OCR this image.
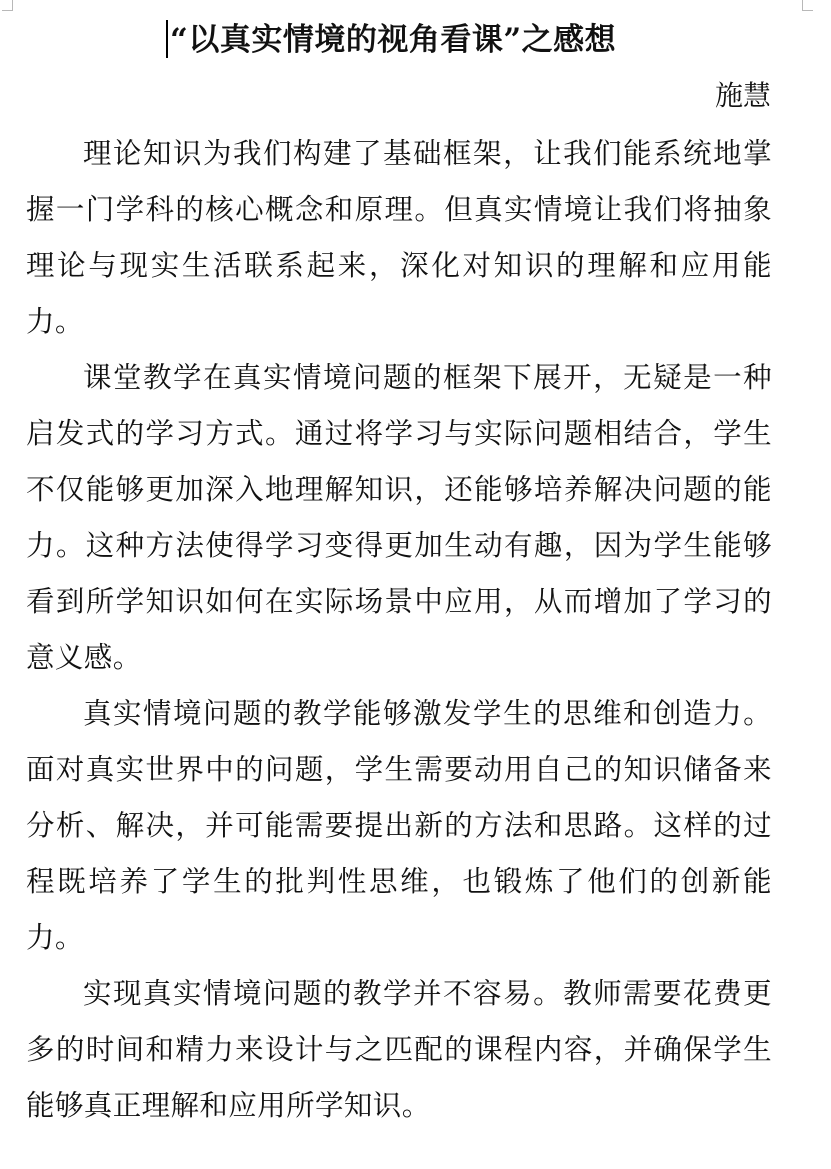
“以真实情境的视角看课”之感想
施慧

理论知识为我们构建了基础框架，让我们能系统地掌握一门学科的核心概念和原理。但真实情境让我们将抽象理论与现实生活联系起来，深化对知识的理解和应用能力。

课堂教学在真实情境问题的框架下展开，无疑是一种启发式的学习方式。通过将学习与实际问题相结合，学生不仅能够更加深入地理解知识，还能够培养解决问题的能力。这种方法使得学习变得更加生动有趣，因为学生能够看到所学知识如何在实际场景中应用，从而增加了学习的意义感。

真实情境问题的教学能够激发学生的思维和创造力。面对真实世界中的问题，学生需要动用自己的知识储备来分析、解决，并可能需要提出新的方法和思路。这样的过程既培养了学生的批判性思维，也锻炼了他们的创新能力。

实现真实情境问题的教学并不容易。教师需要花费更多的时间和精力来设计与之匹配的课程内容，并确保学生能够真正理解和应用所学知识。
